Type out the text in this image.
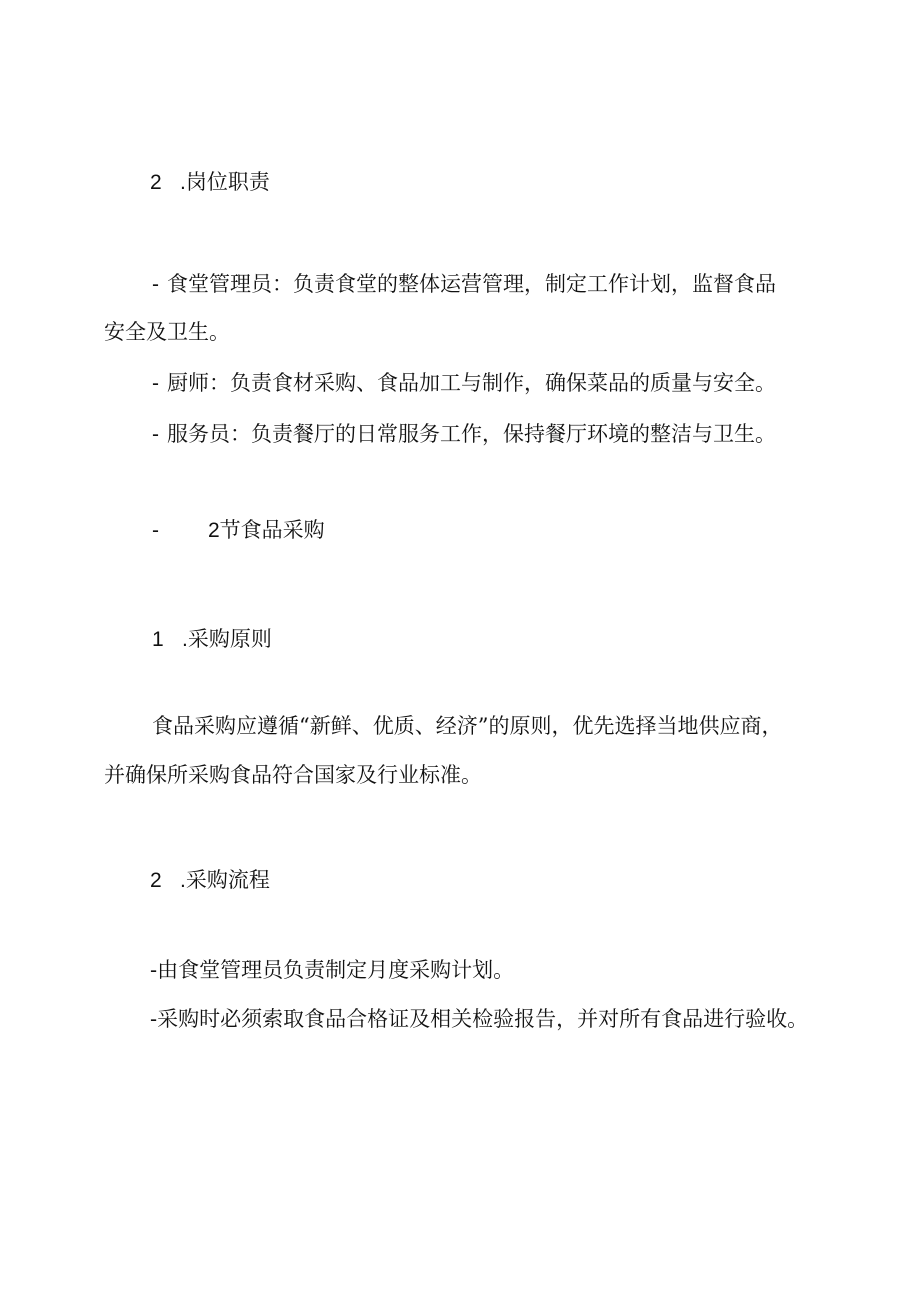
2 .岗位职责
- 食堂管理员：负责食堂的整体运营管理，制定工作计划，监督食品
安全及卫生。
- 厨师：负责食材采购、食品加工与制作，确保菜品的质量与安全。
- 服务员：负责餐厅的日常服务工作，保持餐厅环境的整洁与卫生。
- 2节食品采购
1 .采购原则
食品采购应遵循“新鲜、优质、经济”的原则，优先选择当地供应商，
并确保所采购食品符合国家及行业标准。
2 .采购流程
-由食堂管理员负责制定月度采购计划。
-采购时必须索取食品合格证及相关检验报告，并对所有食品进行验收。
